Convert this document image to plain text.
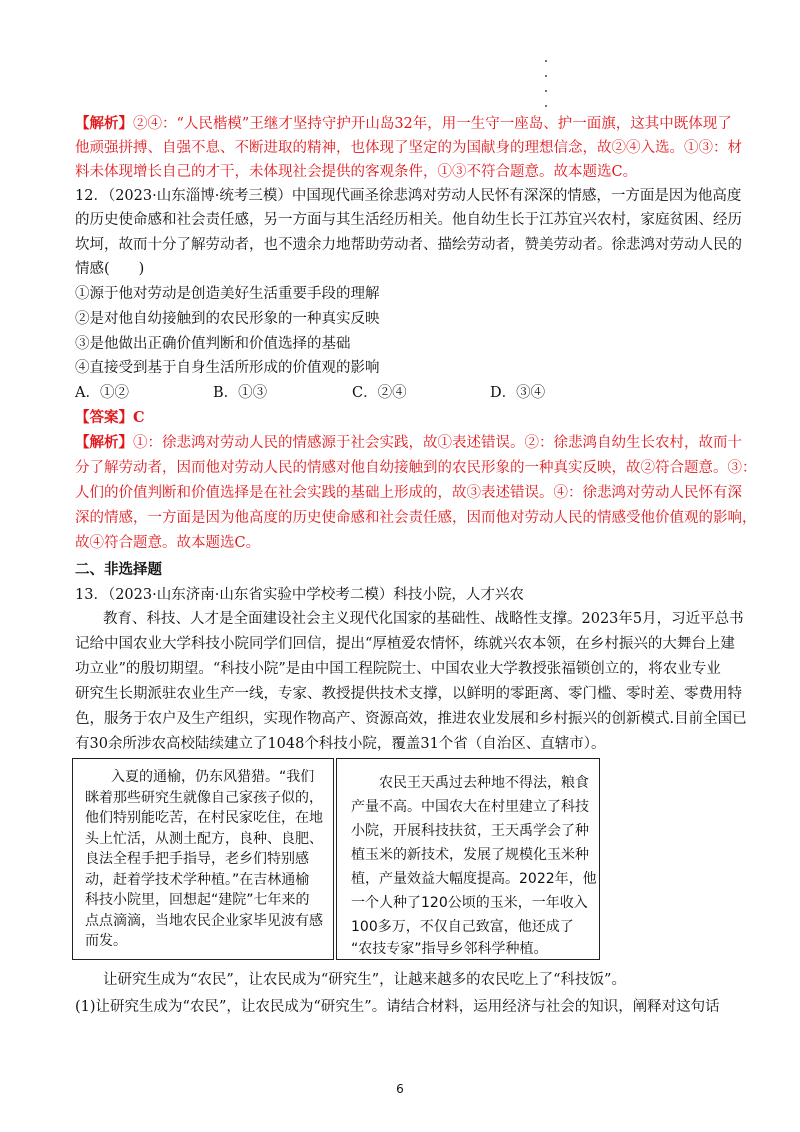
【解析】②④：“人民楷模”王继才坚持守护开山岛32年，用一生守一座岛、护一面旗，这其中既体现了
他顽强拼搏、自强不息、不断进取的精神，也体现了坚定的为国献身的理想信念，故②④入选。①③：材
料未体现增长自己的才干，未体现社会提供的客观条件，①③不符合题意。故本题选C。
12．（2023·山东淄博·统考三模）中国现代画圣徐悲鸿对劳动人民怀有深深的情感，一方面是因为他高度
的历史使命感和社会责任感，另一方面与其生活经历相关。他自幼生长于江苏宜兴农村，家庭贫困、经历
坎坷，故而十分了解劳动者，也不遗余力地帮助劳动者、描绘劳动者，赞美劳动者。徐悲鸿对劳动人民的
情感(　　)
①源于他对劳动是创造美好生活重要手段的理解
②是对他自幼接触到的农民形象的一种真实反映
③是他做出正确价值判断和价值选择的基础
④直接受到基于自身生活所形成的价值观的影响
A．①②	B．①③	C．②④	D．③④
【答案】C
【解析】①：徐悲鸿对劳动人民的情感源于社会实践，故①表述错误。②：徐悲鸿自幼生长农村，故而十
分了解劳动者，因而他对劳动人民的情感对他自幼接触到的农民形象的一种真实反映，故②符合题意。③：
人们的价值判断和价值选择是在社会实践的基础上形成的，故③表述错误。④：徐悲鸿对劳动人民怀有深
深的情感，一方面是因为他高度的历史使命感和社会责任感，因而他对劳动人民的情感受他价值观的影响，
故④符合题意。故本题选C。
二、非选择题
13．（2023·山东济南·山东省实验中学校考二模）科技小院，人才兴农
教育、科技、人才是全面建设社会主义现代化国家的基础性、战略性支撑。2023年5月，习近平总书
记给中国农业大学科技小院同学们回信，提出“厚植爱农情怀，练就兴农本领，在乡村振兴的大舞台上建
功立业”的殷切期望。“科技小院”是由中国工程院院士、中国农业大学教授张福锁创立的，将农业专业
研究生长期派驻农业生产一线，专家、教授提供技术支撑，以鲜明的零距离、零门槛、零时差、零费用特
色，服务于农户及生产组织，实现作物高产、资源高效，推进农业发展和乡村振兴的创新模式.目前全国已
有30余所涉农高校陆续建立了1048个科技小院，覆盖31个省（自治区、直辖市）。
入夏的通榆，仍东风猎猎。“我们
眯着那些研究生就像自己家孩子似的，
他们特别能吃苦，在村民家吃住，在地
头上忙活，从测土配方，良种、良肥、
良法全程手把手指导，老乡们特别感
动，赶着学技术学种植。”在吉林通榆
科技小院里，回想起“建院”七年来的
点点滴滴，当地农民企业家毕见波有感
而发。
农民王天禹过去种地不得法，粮食
产量不高。中国农大在村里建立了科技
小院，开展科技扶贫，王天禹学会了种
植玉米的新技术，发展了规模化玉米种
植，产量效益大幅度提高。2022年，他
一个人种了120公顷的玉米，一年收入
100多万，不仅自己致富，他还成了
“农技专家”指导乡邻科学种植。
让研究生成为“农民”，让农民成为“研究生”，让越来越多的农民吃上了“科技饭”。
(1)让研究生成为“农民”，让农民成为“研究生”。请结合材料，运用经济与社会的知识，阐释对这句话
6
